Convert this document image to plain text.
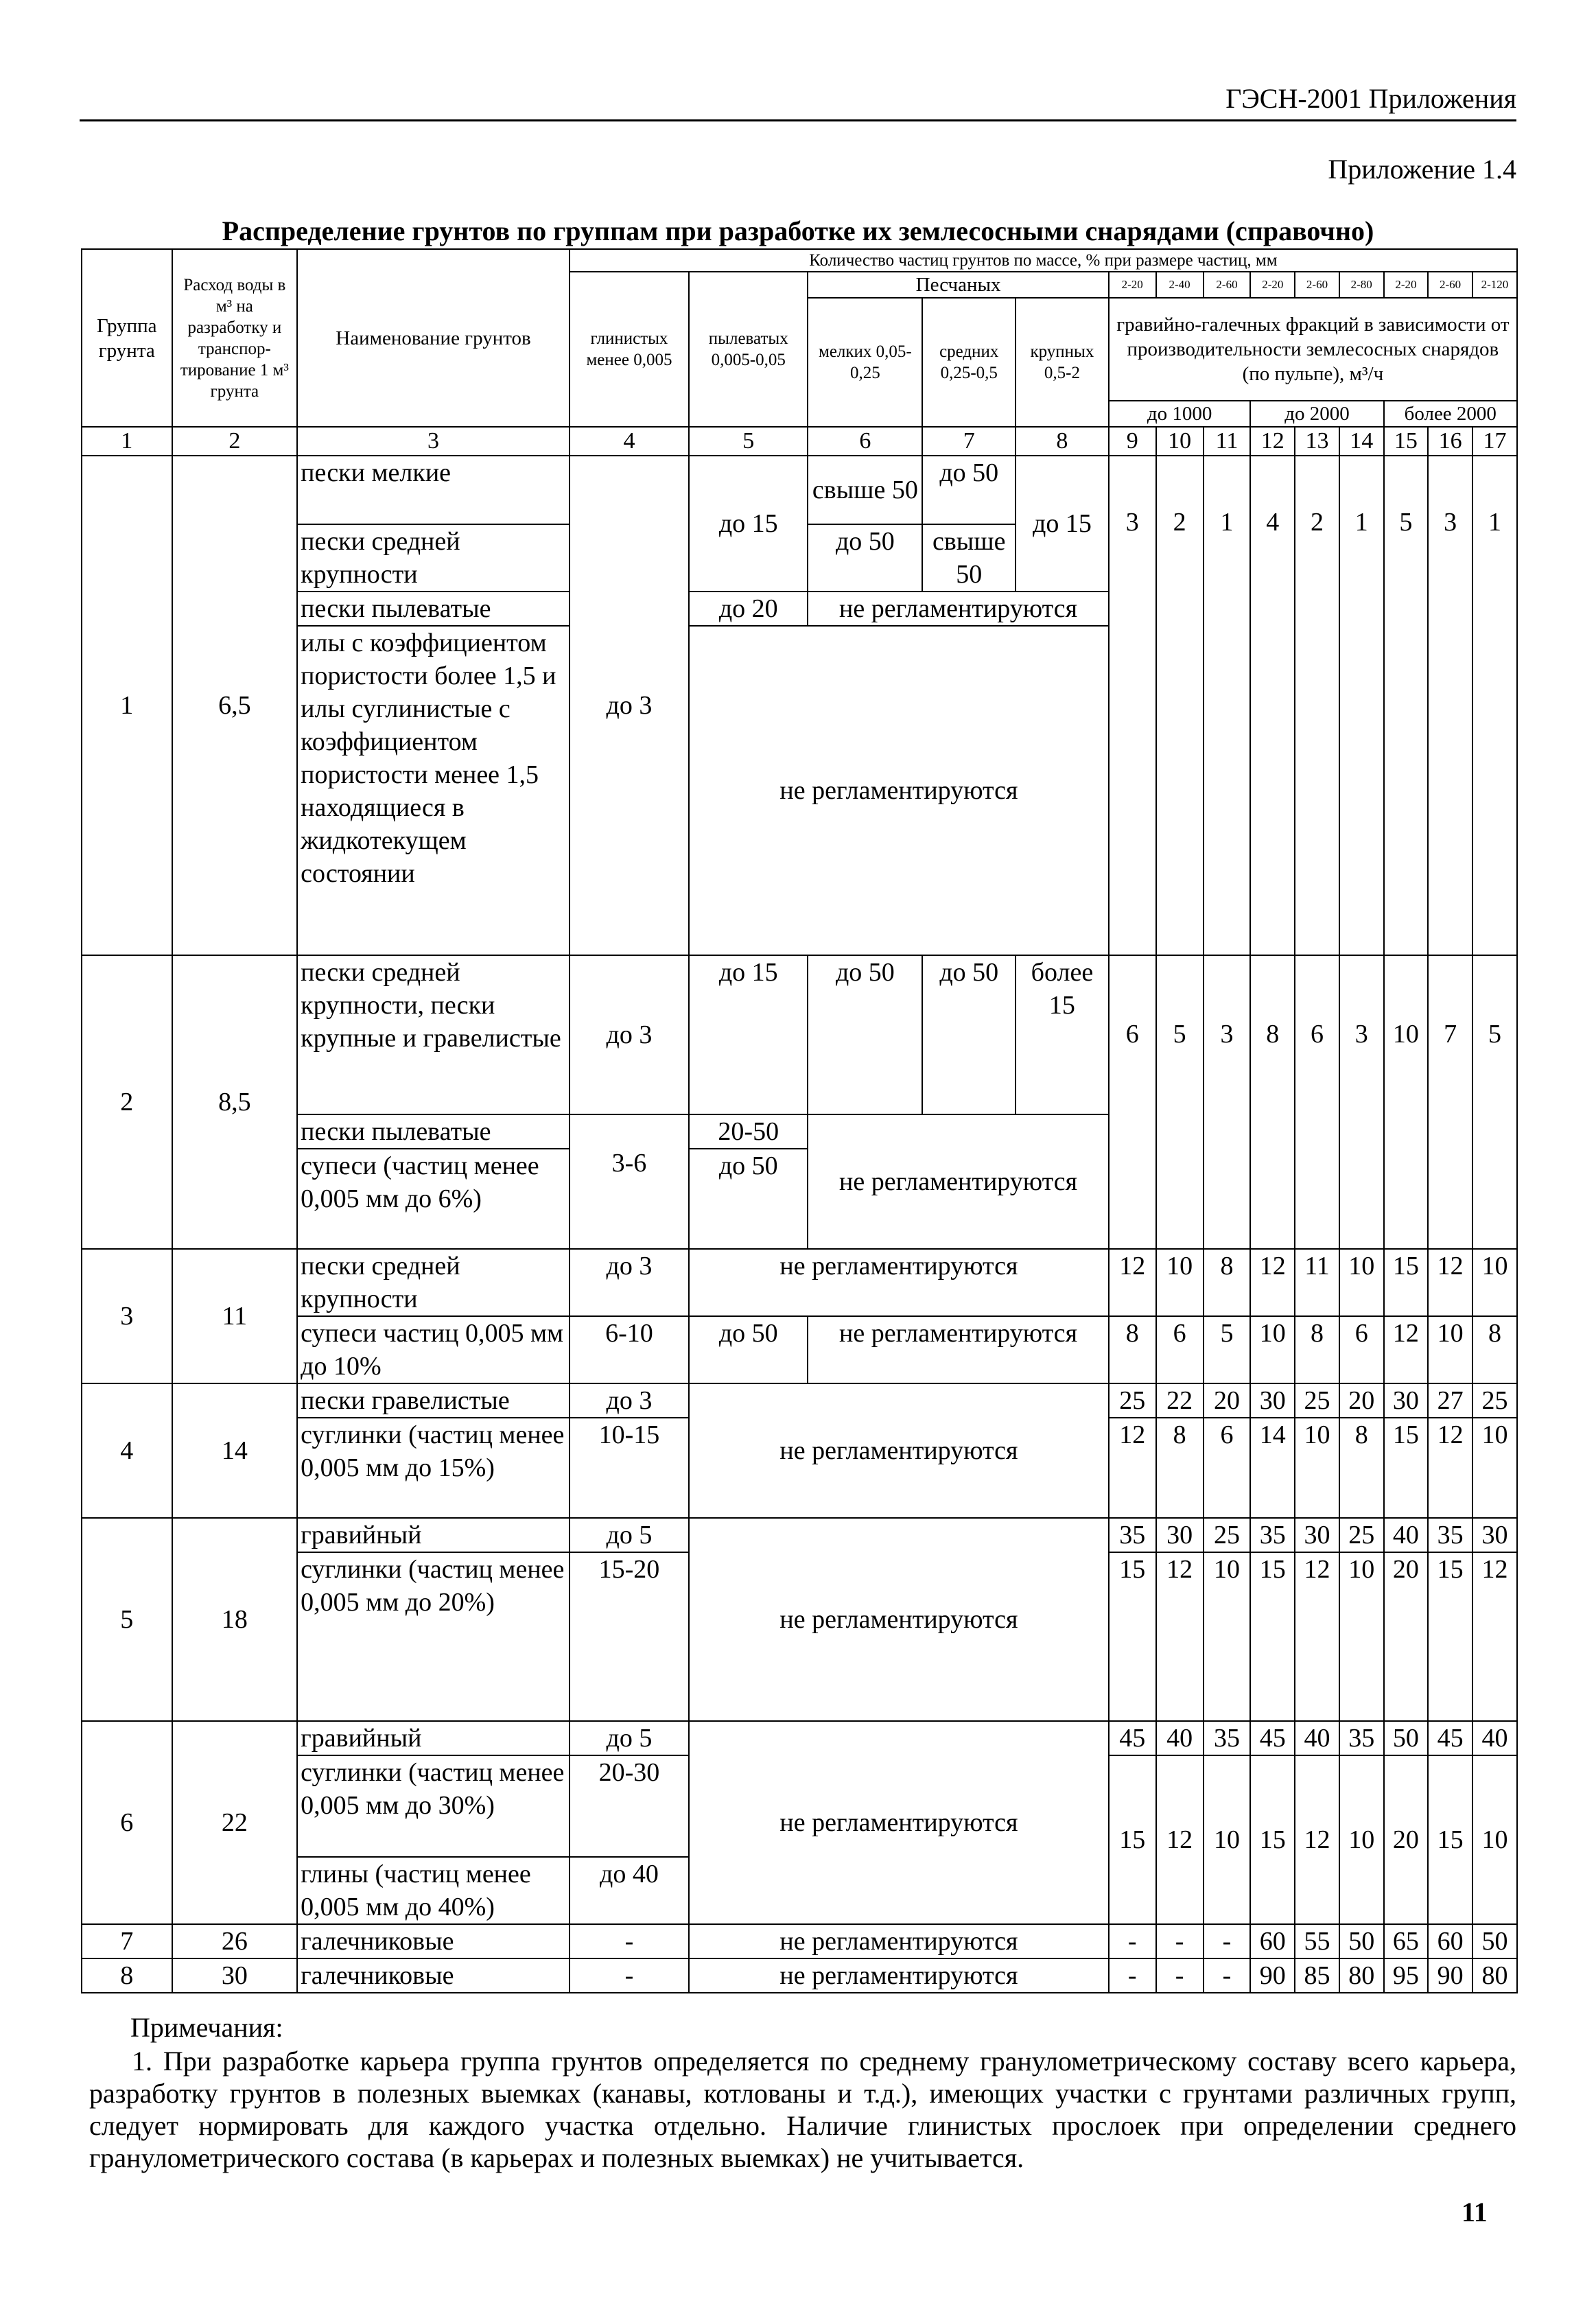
ГЭСН-2001 Приложения
Приложение 1.4
Распределение грунтов по группам при разработке их землесосными снарядами (справочно)
Группа грунта	Расход воды в м³ на разработку и транспор-тирование 1 м³ грунта	Наименование грунтов	Количество частиц грунтов по массе, % при размере частиц, мм													
			глинистых менее 0,005	пылеватых 0,005-0,05	Песчаных			2-20	2-40	2-60	2-20	2-60	2-80	2-20	2-60	2-120
					мелких 0,05-0,25	средних 0,25-0,5	крупных 0,5-2	гравийно-галечных фракций в зависимости от производительности землесосных снарядов (по пульпе), м³/ч								
								до 1000			до 2000			более 2000		

1	2	3	4	5	6	7	8	9	10	11	12	13	14	15	16	17
1	6,5	пески мелкие	до 3	до 15	свыше 50	до 50	до 15	3	2	1	4	2	1	5	3	1
		пески средней крупности			до 50	свыше 50										
		пески пылеватые		до 20	не регламентируются											
		илы с коэффициентом пористости более 1,5 и илы суглинистые с коэффициентом пористости менее 1,5 находящиеся в жидкотекущем состоянии		не регламентируются												
2	8,5	пески средней крупности, пески крупные и гравелистые	до 3	до 15	до 50	до 50	более 15	6	5	3	8	6	3	10	7	5
		пески пылеватые	3-6	20-50	не регламентируются											
		супеси (частиц менее 0,005 мм до 6%)		до 50												
3	11	пески средней крупности	до 3	не регламентируются				12	10	8	12	11	10	15	12	10
		супеси частиц 0,005 мм до 10%	6-10	до 50	не регламентируются			8	6	5	10	8	6	12	10	8
4	14	пески гравелистые	до 3	не регламентируются				25	22	20	30	25	20	30	27	25
		суглинки (частиц менее 0,005 мм до 15%)	10-15					12	8	6	14	10	8	15	12	10
5	18	гравийный	до 5	не регламентируются				35	30	25	35	30	25	40	35	30
		суглинки (частиц менее 0,005 мм до 20%)	15-20					15	12	10	15	12	10	20	15	12
6	22	гравийный	до 5	не регламентируются				45	40	35	45	40	35	50	45	40
		суглинки (частиц менее 0,005 мм до 30%)	20-30					15	12	10	15	12	10	20	15	10
		глины (частиц менее 0,005 мм до 40%)	до 40													
7	26	галечниковые	-	не регламентируются				-	-	-	60	55	50	65	60	50
8	30	галечниковые	-	не регламентируются				-	-	-	90	85	80	95	90	80
Примечания:
1. При разработке карьера группа грунтов определяется по среднему гранулометрическому составу всего карьера, разработку грунтов в полезных выемках (канавы, котлованы и т.д.), имеющих участки с грунтами различных групп, следует нормировать для каждого участка отдельно. Наличие глинистых прослоек при определении среднего гранулометрического состава (в карьерах и полезных выемках) не учитывается.
11
